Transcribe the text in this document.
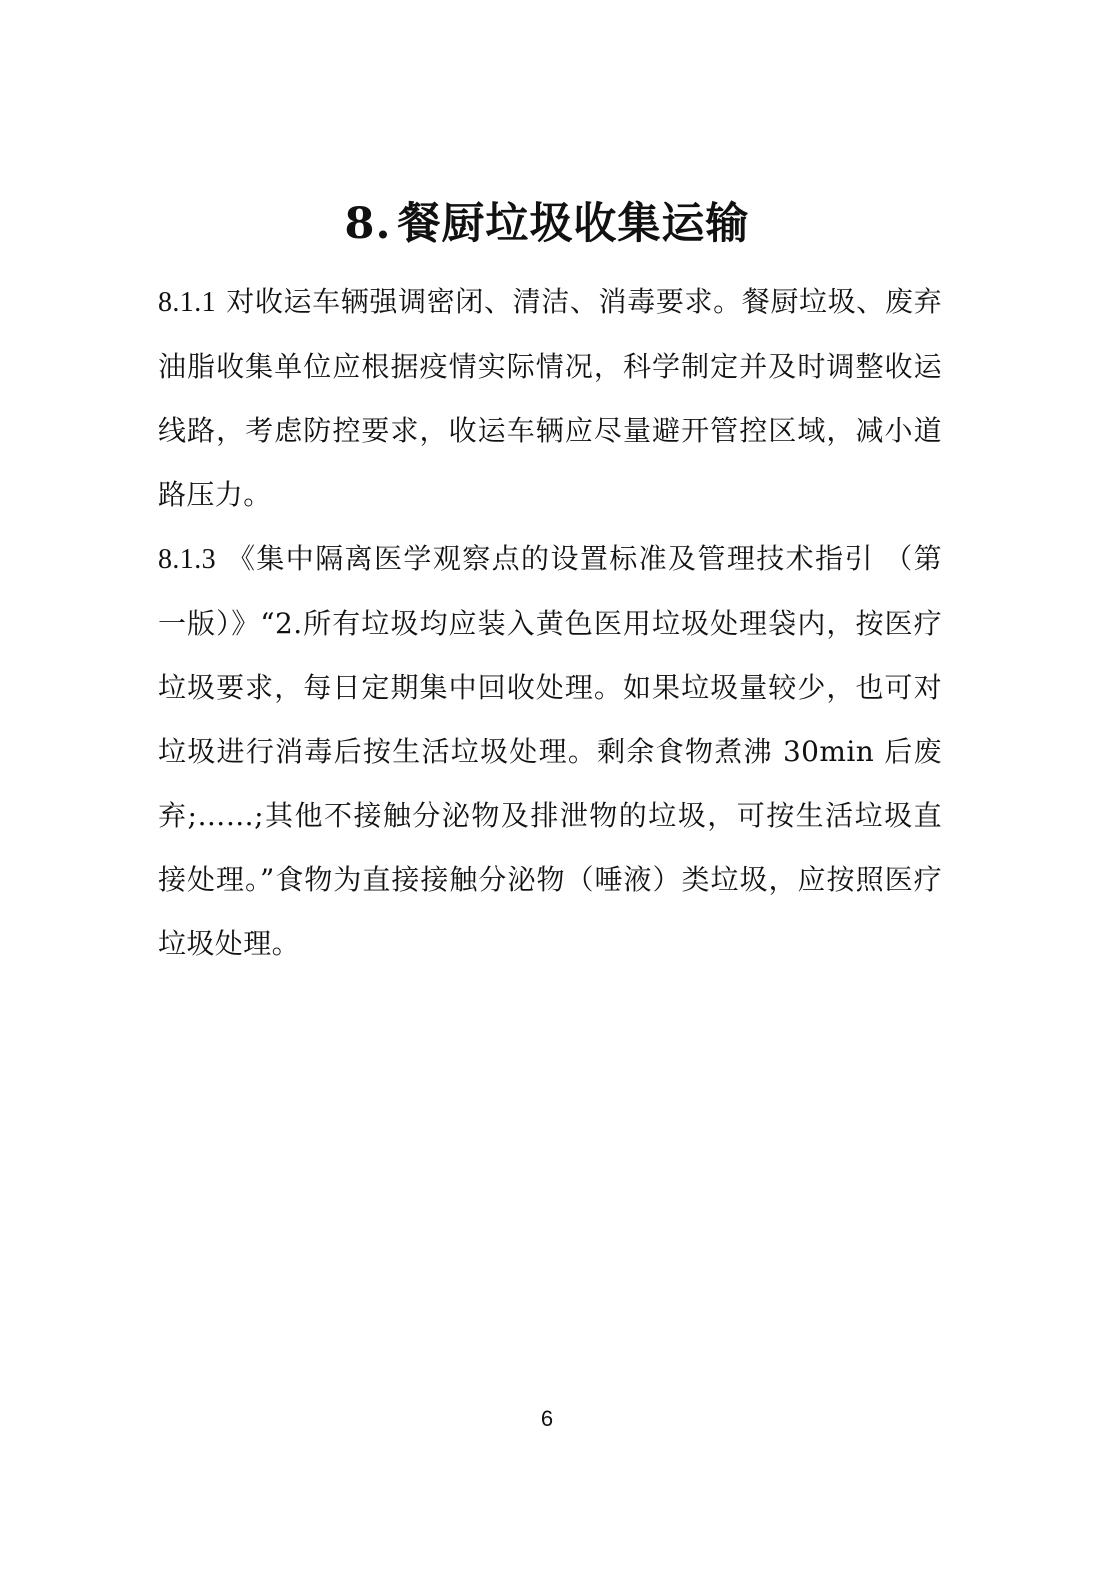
8. 餐厨垃圾收集运输

8.1.1 对收运车辆强调密闭、清洁、消毒要求。餐厨垃圾、废弃油脂收集单位应根据疫情实际情况，科学制定并及时调整收运线路，考虑防控要求，收运车辆应尽量避开管控区域，减小道路压力。

8.1.3 《集中隔离医学观察点的设置标准及管理技术指引 （第一版）》“2.所有垃圾均应装入黄色医用垃圾处理袋内，按医疗垃圾要求，每日定期集中回收处理。如果垃圾量较少，也可对垃圾进行消毒后按生活垃圾处理。剩余食物煮沸 30min 后废弃;……;其他不接触分泌物及排泄物的垃圾，可按生活垃圾直接处理。”食物为直接接触分泌物（唾液）类垃圾，应按照医疗垃圾处理。

6
